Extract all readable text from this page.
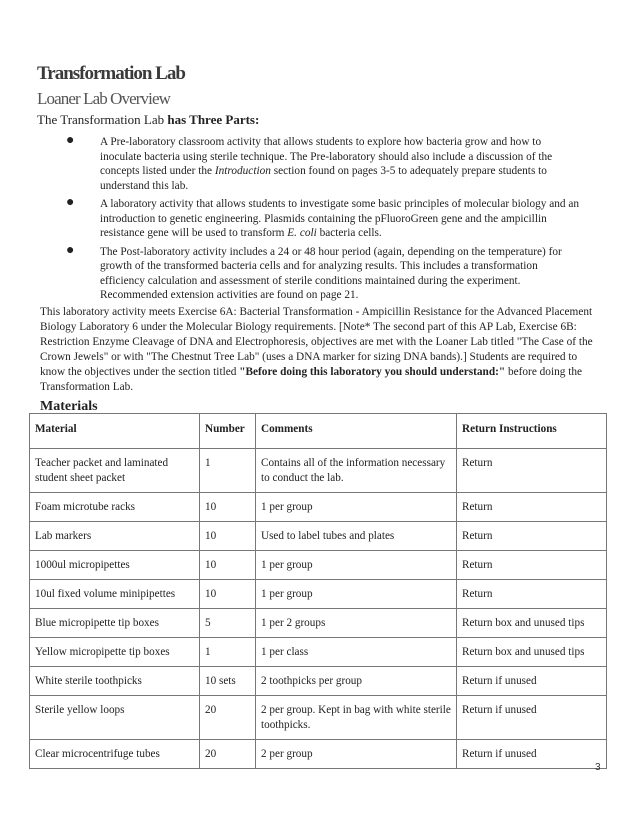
Transformation Lab
Loaner Lab Overview
The Transformation Lab has Three Parts:
● A Pre-laboratory classroom activity that allows students to explore how bacteria grow and how to inoculate bacteria using sterile technique. The Pre-laboratory should also include a discussion of the concepts listed under the Introduction section found on pages 3-5 to adequately prepare students to understand this lab.
● A laboratory activity that allows students to investigate some basic principles of molecular biology and an introduction to genetic engineering. Plasmids containing the pFluoroGreen gene and the ampicillin resistance gene will be used to transform E. coli bacteria cells.
● The Post-laboratory activity includes a 24 or 48 hour period (again, depending on the temperature) for growth of the transformed bacteria cells and for analyzing results. This includes a transformation efficiency calculation and assessment of sterile conditions maintained during the experiment. Recommended extension activities are found on page 21.
This laboratory activity meets Exercise 6A: Bacterial Transformation - Ampicillin Resistance for the Advanced Placement Biology Laboratory 6 under the Molecular Biology requirements. [Note* The second part of this AP Lab, Exercise 6B: Restriction Enzyme Cleavage of DNA and Electrophoresis, objectives are met with the Loaner Lab titled "The Case of the Crown Jewels" or with "The Chestnut Tree Lab" (uses a DNA marker for sizing DNA bands).] Students are required to know the objectives under the section titled "Before doing this laboratory you should understand:" before doing the Transformation Lab.
Materials
Material	Number	Comments	Return Instructions
Teacher packet and laminated student sheet packet	1	Contains all of the information necessary to conduct the lab.	Return
Foam microtube racks	10	1 per group	Return
Lab markers	10	Used to label tubes and plates	Return
1000ul micropipettes	10	1 per group	Return
10ul fixed volume minipipettes	10	1 per group	Return
Blue micropipette tip boxes	5	1 per 2 groups	Return box and unused tips
Yellow micropipette tip boxes	1	1 per class	Return box and unused tips
White sterile toothpicks	10 sets	2 toothpicks per group	Return if unused
Sterile yellow loops	20	2 per group. Kept in bag with white sterile toothpicks.	Return if unused
Clear microcentrifuge tubes	20	2 per group	Return if unused
3
